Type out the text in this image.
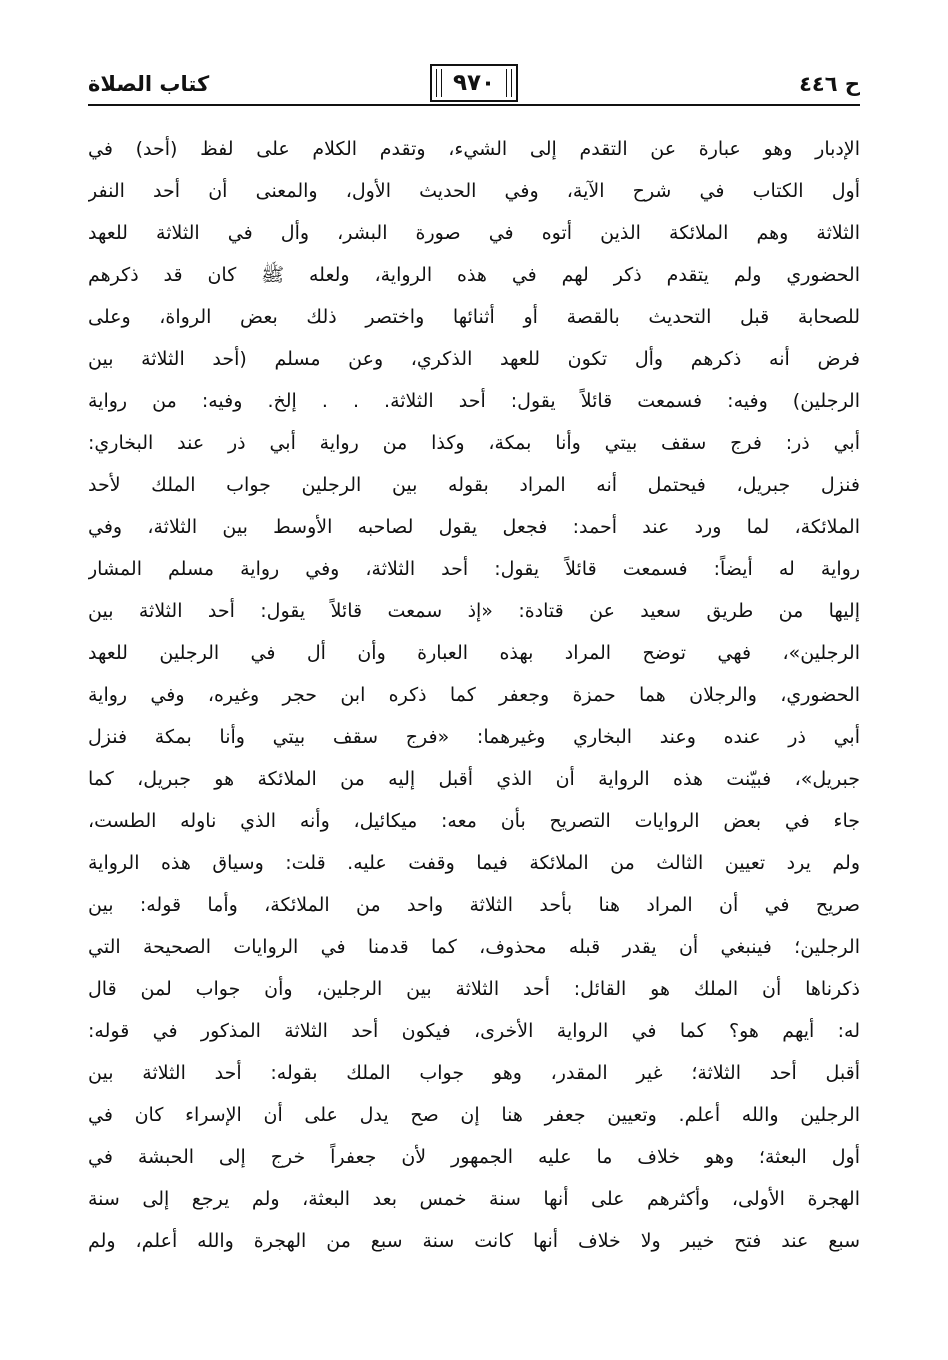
ح ٤٤٦
٩٧٠
كتاب الصلاة
الإدبار وهو عبارة عن التقدم إلى الشيء، وتقدم الكلام على لفظ (أحد) في
أول الكتاب في شرح الآية، وفي الحديث الأول، والمعنى أن أحد النفر
الثلاثة وهم الملائكة الذين أتوه في صورة البشر، وأل في الثلاثة للعهد
الحضوري ولم يتقدم ذكر لهم في هذه الرواية، ولعله ﷺ كان قد ذكرهم
للصحابة قبل التحديث بالقصة أو أثنائها واختصر ذلك بعض الرواة، وعلى
فرض أنه ذكرهم وأل تكون للعهد الذكري، وعن مسلم (أحد الثلاثة بين
الرجلين) وفيه: فسمعت قائلاً يقول: أحد الثلاثة. . . إلخ. وفيه: من رواية
أبي ذر: فرج سقف بيتي وأنا بمكة، وكذا من رواية أبي ذر عند البخاري:
فنزل جبريل، فيحتمل أنه المراد بقوله بين الرجلين جواب الملك لأحد
الملائكة، لما ورد عند أحمد: فجعل يقول لصاحبه الأوسط بين الثلاثة، وفي
رواية له أيضاً: فسمعت قائلاً يقول: أحد الثلاثة، وفي رواية مسلم المشار
إليها من طريق سعيد عن قتادة: «إذ سمعت قائلاً يقول: أحد الثلاثة بين
الرجلين»، فهي توضح المراد بهذه العبارة وأن أل في الرجلين للعهد
الحضوري، والرجلان هما حمزة وجعفر كما ذكره ابن حجر وغيره، وفي رواية
أبي ذر عنده وعند البخاري وغيرهما: «فرج سقف بيتي وأنا بمكة فنزل
جبريل»، فبيّنت هذه الرواية أن الذي أقبل إليه من الملائكة هو جبريل، كما
جاء في بعض الروايات التصريح بأن معه: ميكائيل، وأنه الذي ناوله الطست،
ولم يرد تعيين الثالث من الملائكة فيما وقفت عليه. قلت: وسياق هذه الرواية
صريح في أن المراد هنا بأحد الثلاثة واحد من الملائكة، وأما قوله: بين
الرجلين؛ فينبغي أن يقدر قبله محذوف، كما قدمنا في الروايات الصحيحة التي
ذكرناها أن الملك هو القائل: أحد الثلاثة بين الرجلين، وأن جواب لمن قال
له: أيهم هو؟ كما في الرواية الأخرى، فيكون أحد الثلاثة المذكور في قوله:
أقبل أحد الثلاثة؛ غير المقدر، وهو جواب الملك بقوله: أحد الثلاثة بين
الرجلين والله أعلم. وتعيين جعفر هنا إن صح يدل على أن الإسراء كان في
أول البعثة؛ وهو خلاف ما عليه الجمهور لأن جعفراً خرج إلى الحبشة في
الهجرة الأولى، وأكثرهم على أنها سنة خمس بعد البعثة، ولم يرجع إلى سنة
سبع عند فتح خيبر ولا خلاف أنها كانت سنة سبع من الهجرة والله أعلم، ولم
